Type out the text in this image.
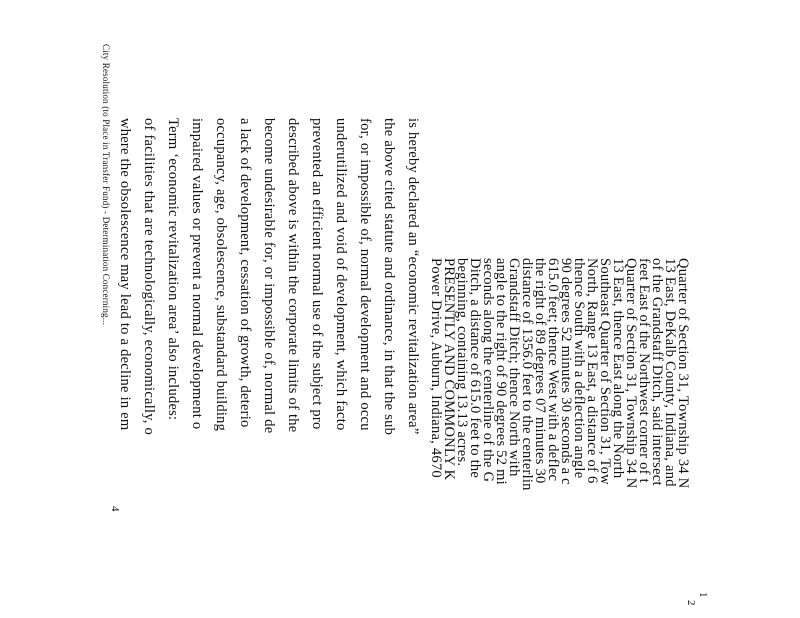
1
2
Quarter of Section 31, Township 34 N
13 East, DeKalb County, Indiana, and
of the Grandstaff Ditch, said intersect
feet East of the Northwest corner of t
Quarter of Section 31, Township 34 N
13 East, thence East along the North
Southeast Quarter of Section 31, Tow
North, Range 13 East, a distance of 6
thence South with a deflection angle
90 degrees 52 minutes 30 seconds a c
615.0 feet; thence West with a deflec
the right of 89 degrees 07 minutes 30
distance of 1356.0 feet to the centerlin
Grandstaff Ditch; thence North with
angle to the right of 90 degrees 52 mi
seconds along the centerline of the G
Ditch, a distance of 615.0 feet to the
beginning, containing 13.13 acres.
PRESENTLY AND COMMONLY K
Power Drive, Auburn, Indiana, 4670
is hereby declared an “economic revitalization area”
the above cited statute and ordinance, in that the sub
for, or impossible of, normal development and occu
underutilized and void of development, which facto
prevented an efficient normal use of the subject pro
described above is within the corporate limits of the
become undesirable for, or impossible of, normal de
a lack of development, cessation of growth, deterio
occupancy, age, obsolescence, substandard building
impaired values or prevent a normal development o
Term ‘economic revitalization area’ also includes:
of facilities that are technologically, economically, o
where the obsolescence may lead to a decline in em
4
City Resolution (to Place in Transfer Fund) - Determination Concerning...
